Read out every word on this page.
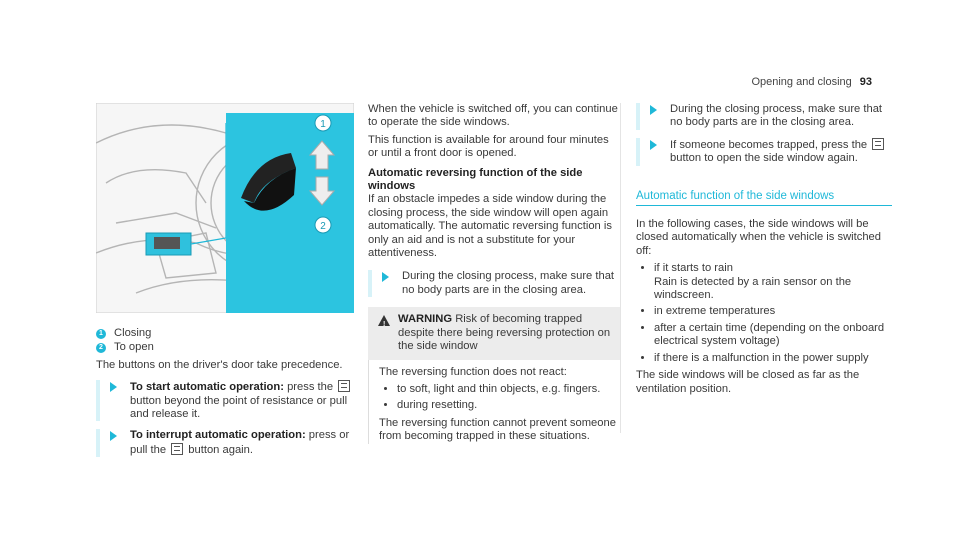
Opening and closing 93
1
2
1 Closing
2 To open

The buttons on the driver's door take precedence.

To start automatic operation: press the  button beyond the point of resistance or pull and release it.
To interrupt automatic operation: press or pull the button again.

When the vehicle is switched off, you can continue to operate the side windows.

This function is available for around four minutes or until a front door is opened.

Automatic reversing function of the side windows

If an obstacle impedes a side window during the closing process, the side window will open again automatically. The automatic reversing function is only an aid and is not a substitute for your attentiveness.

During the closing process, make sure that no body parts are in the closing area.
! WARNING Risk of becoming trapped despite there being reversing protection on the side window

The reversing function does not react:

• to soft, light and thin objects, e.g. fingers.
• during resetting.

The reversing function cannot prevent someone from becoming trapped in these situations.

During the closing process, make sure that no body parts are in the closing area.
If someone becomes trapped, press the  button to open the side window again.
Automatic function of the side windows

In the following cases, the side windows will be closed automatically when the vehicle is switched off:

• if it starts to rain
Rain is detected by a rain sensor on the windscreen.
• in extreme temperatures
• after a certain time (depending on the onboard electrical system voltage)
• if there is a malfunction in the power supply

The side windows will be closed as far as the ventilation position.
